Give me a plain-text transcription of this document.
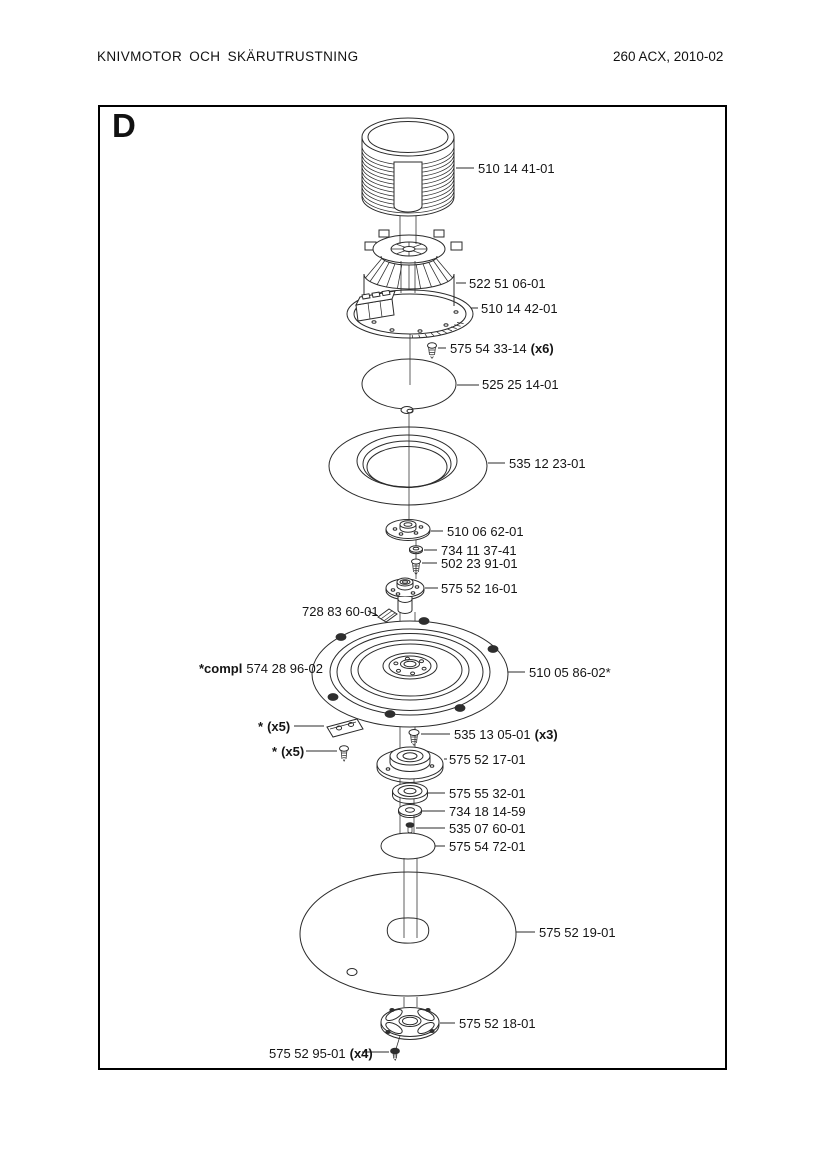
KNIVMOTOR OCH SKÄRUTRUSTNING	260 ACX, 2010-02
D
510 14 41-01
522 51 06-01
510 14 42-01
575 54 33-14 (x6)
525 25 14-01
535 12 23-01
510 06 62-01
734 11 37-41
502 23 91-01
575 52 16-01
728 83 60-01
*compl 574 28 96-02	510 05 86-02*
* (x5)
535 13 05-01 (x3)
* (x5)
575 52 17-01
575 55 32-01
734 18 14-59
535 07 60-01
575 54 72-01
575 52 19-01
575 52 18-01
575 52 95-01 (x4)
